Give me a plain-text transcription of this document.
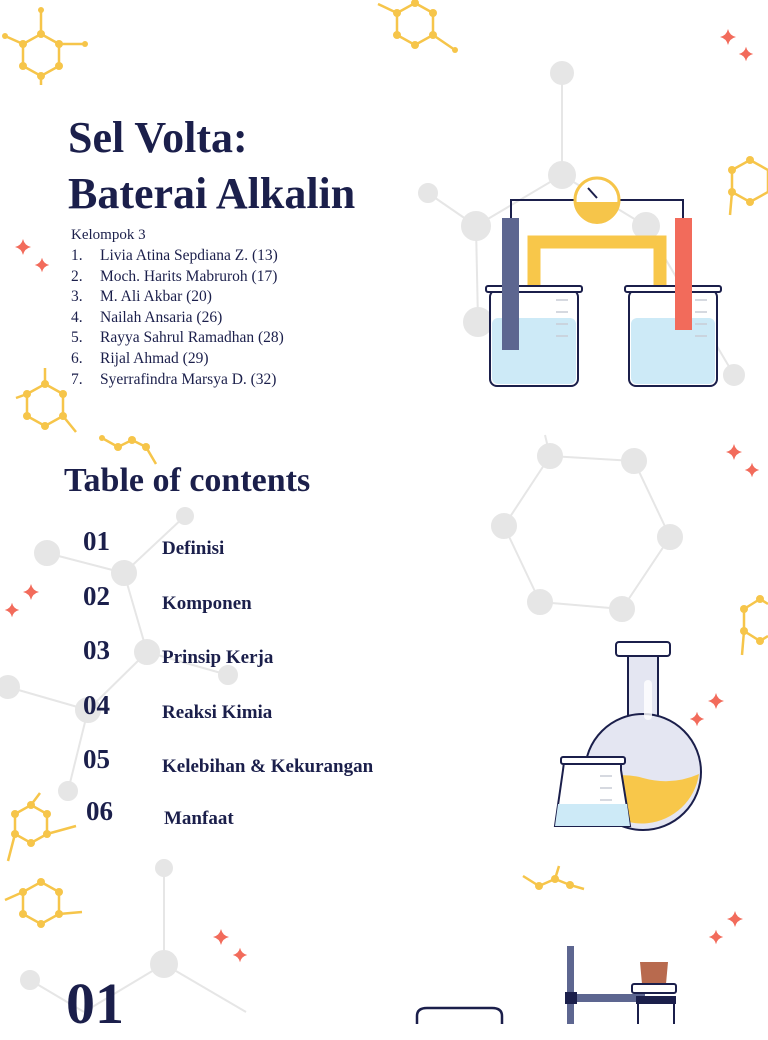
Sel Volta:
Baterai Alkalin
Kelompok 3
1. Livia Atina Sepdiana Z. (13)
2. Moch. Harits Mabruroh (17)
3. M. Ali Akbar (20)
4. Nailah Ansaria (26)
5. Rayya Sahrul Ramadhan (28)
6. Rijal Ahmad (29)
7. Syerrafindra Marsya D. (32)
Table of contents
01	Definisi
02	Komponen
03	Prinsip Kerja
04	Reaksi Kimia
05	Kelebihan & Kekurangan
06	Manfaat
01
